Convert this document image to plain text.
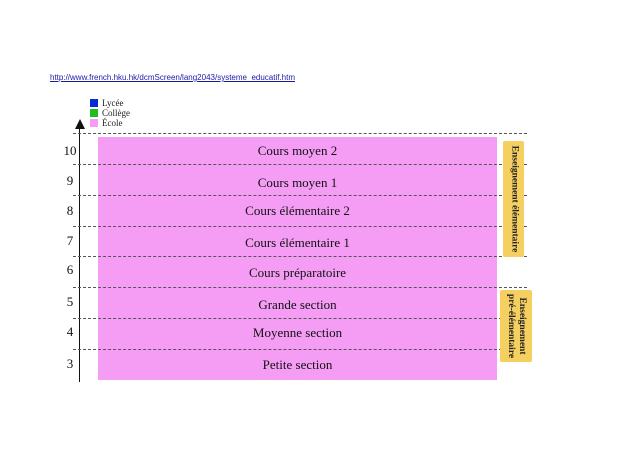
http://www.french.hku.hk/dcmScreen/lang2043/systeme_educatif.htm
Lycée
Collège
École
10
9
8
7
6
5
4
3
Cours moyen 2
Cours moyen 1
Cours élémentaire 2
Cours élémentaire 1
Cours préparatoire
Grande section
Moyenne section
Petite section
Enseignement élémentaire
Enseignement
pré-élémentaire
